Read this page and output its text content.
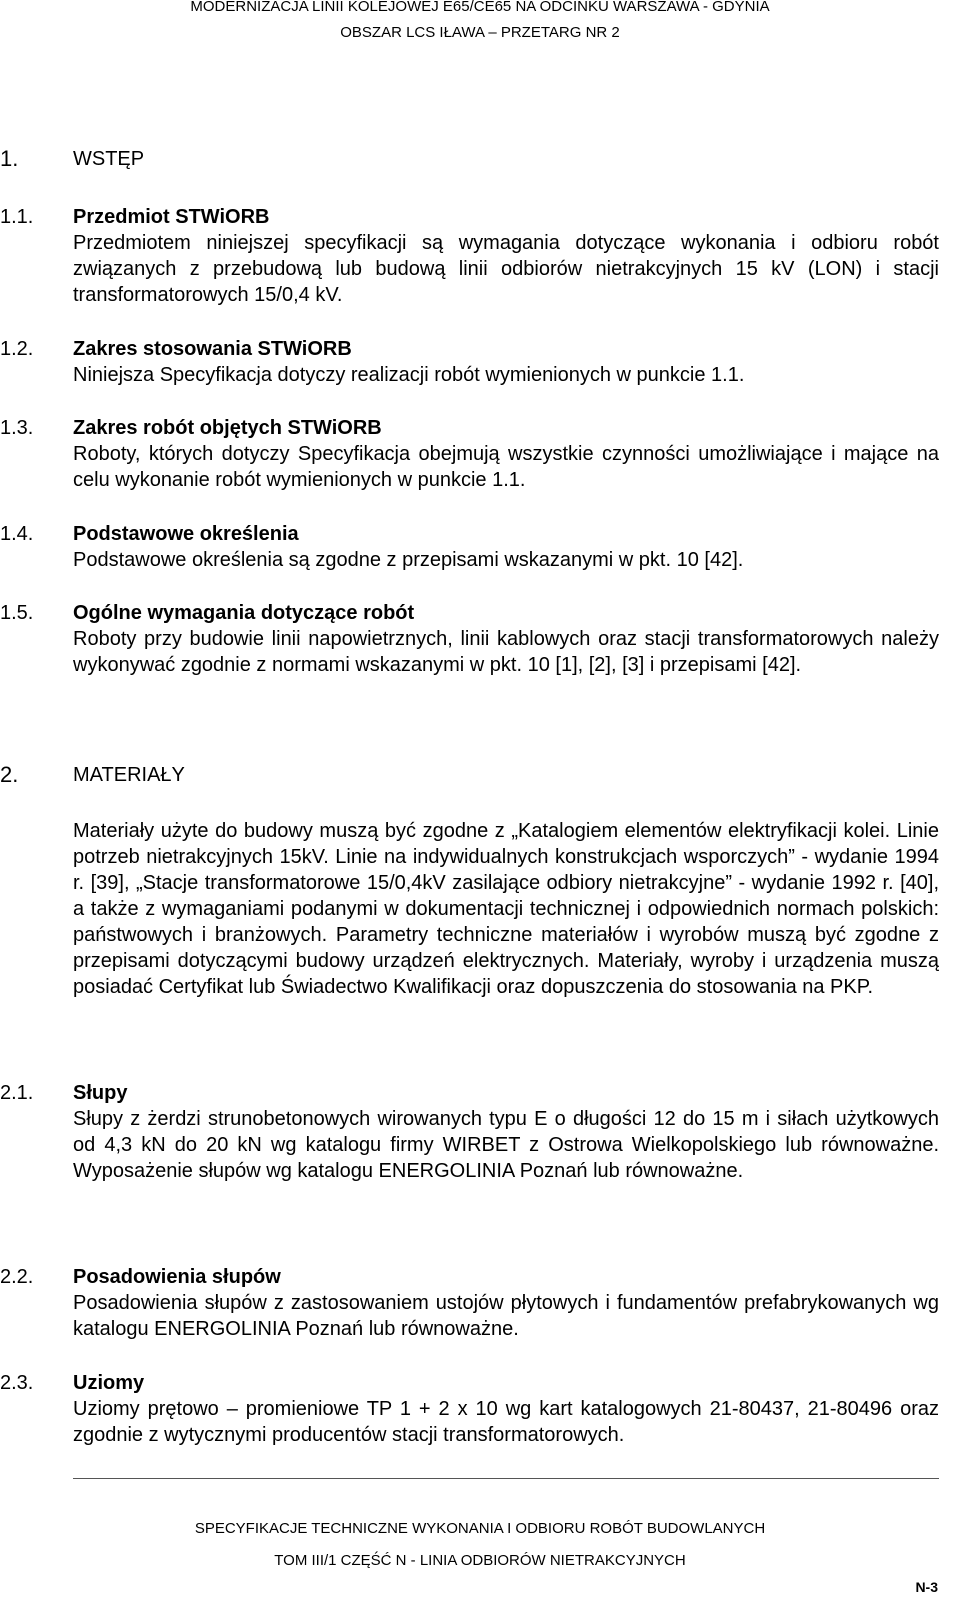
MODERNIZACJA LINII KOLEJOWEJ E65/CE65 NA ODCINKU WARSZAWA - GDYNIA
OBSZAR LCS IŁAWA – PRZETARG NR 2
1.	WSTĘP
1.1. Przedmiot STWiORB

Przedmiotem niniejszej specyfikacji są wymagania dotyczące wykonania i odbioru robót związanych z przebudową lub budową linii odbiorów nietrakcyjnych 15 kV (LON) i stacji transformatorowych 15/0,4 kV.

1.2. Zakres stosowania STWiORB

Niniejsza Specyfikacja dotyczy realizacji robót wymienionych w punkcie 1.1.

1.3. Zakres robót objętych STWiORB

Roboty, których dotyczy Specyfikacja obejmują wszystkie czynności umożliwiające i mające na celu wykonanie robót wymienionych w punkcie 1.1.

1.4. Podstawowe określenia

Podstawowe określenia są zgodne z przepisami wskazanymi w pkt. 10 [42].

1.5. Ogólne wymagania dotyczące robót

Roboty przy budowie linii napowietrznych, linii kablowych oraz stacji transformatorowych należy wykonywać zgodnie z normami wskazanymi w pkt. 10 [1], [2], [3] i przepisami [42].

2.	MATERIAŁY

Materiały użyte do budowy muszą być zgodne z „Katalogiem elementów elektryfikacji kolei. Linie potrzeb nietrakcyjnych 15kV. Linie na indywidualnych konstrukcjach wsporczych” - wydanie 1994 r. [39], „Stacje transformatorowe 15/0,4kV zasilające odbiory nietrakcyjne” - wydanie 1992 r. [40], a także z wymaganiami podanymi w dokumentacji technicznej i odpowiednich normach polskich: państwowych i branżowych. Parametry techniczne materiałów i wyrobów muszą być zgodne z przepisami dotyczącymi budowy urządzeń elektrycznych. Materiały, wyroby i urządzenia muszą posiadać Certyfikat lub Świadectwo Kwalifikacji oraz dopuszczenia do stosowania na PKP.

2.1. Słupy

Słupy z żerdzi strunobetonowych wirowanych typu E o długości 12 do 15 m i siłach użytkowych od 4,3 kN do 20 kN wg katalogu firmy WIRBET z Ostrowa Wielkopolskiego lub równoważne. Wyposażenie słupów wg katalogu ENERGOLINIA Poznań lub równoważne.

2.2. Posadowienia słupów

Posadowienia słupów z zastosowaniem ustojów płytowych i fundamentów prefabrykowanych wg katalogu ENERGOLINIA Poznań lub równoważne.

2.3. Uziomy

Uziomy prętowo – promieniowe TP 1 + 2 x 10 wg kart katalogowych 21-80437, 21-80496 oraz zgodnie z wytycznymi producentów stacji transformatorowych.

SPECYFIKACJE TECHNICZNE WYKONANIA I ODBIORU ROBÓT BUDOWLANYCH
TOM III/1 CZĘŚĆ N - LINIA ODBIORÓW NIETRAKCYJNYCH
N-3
